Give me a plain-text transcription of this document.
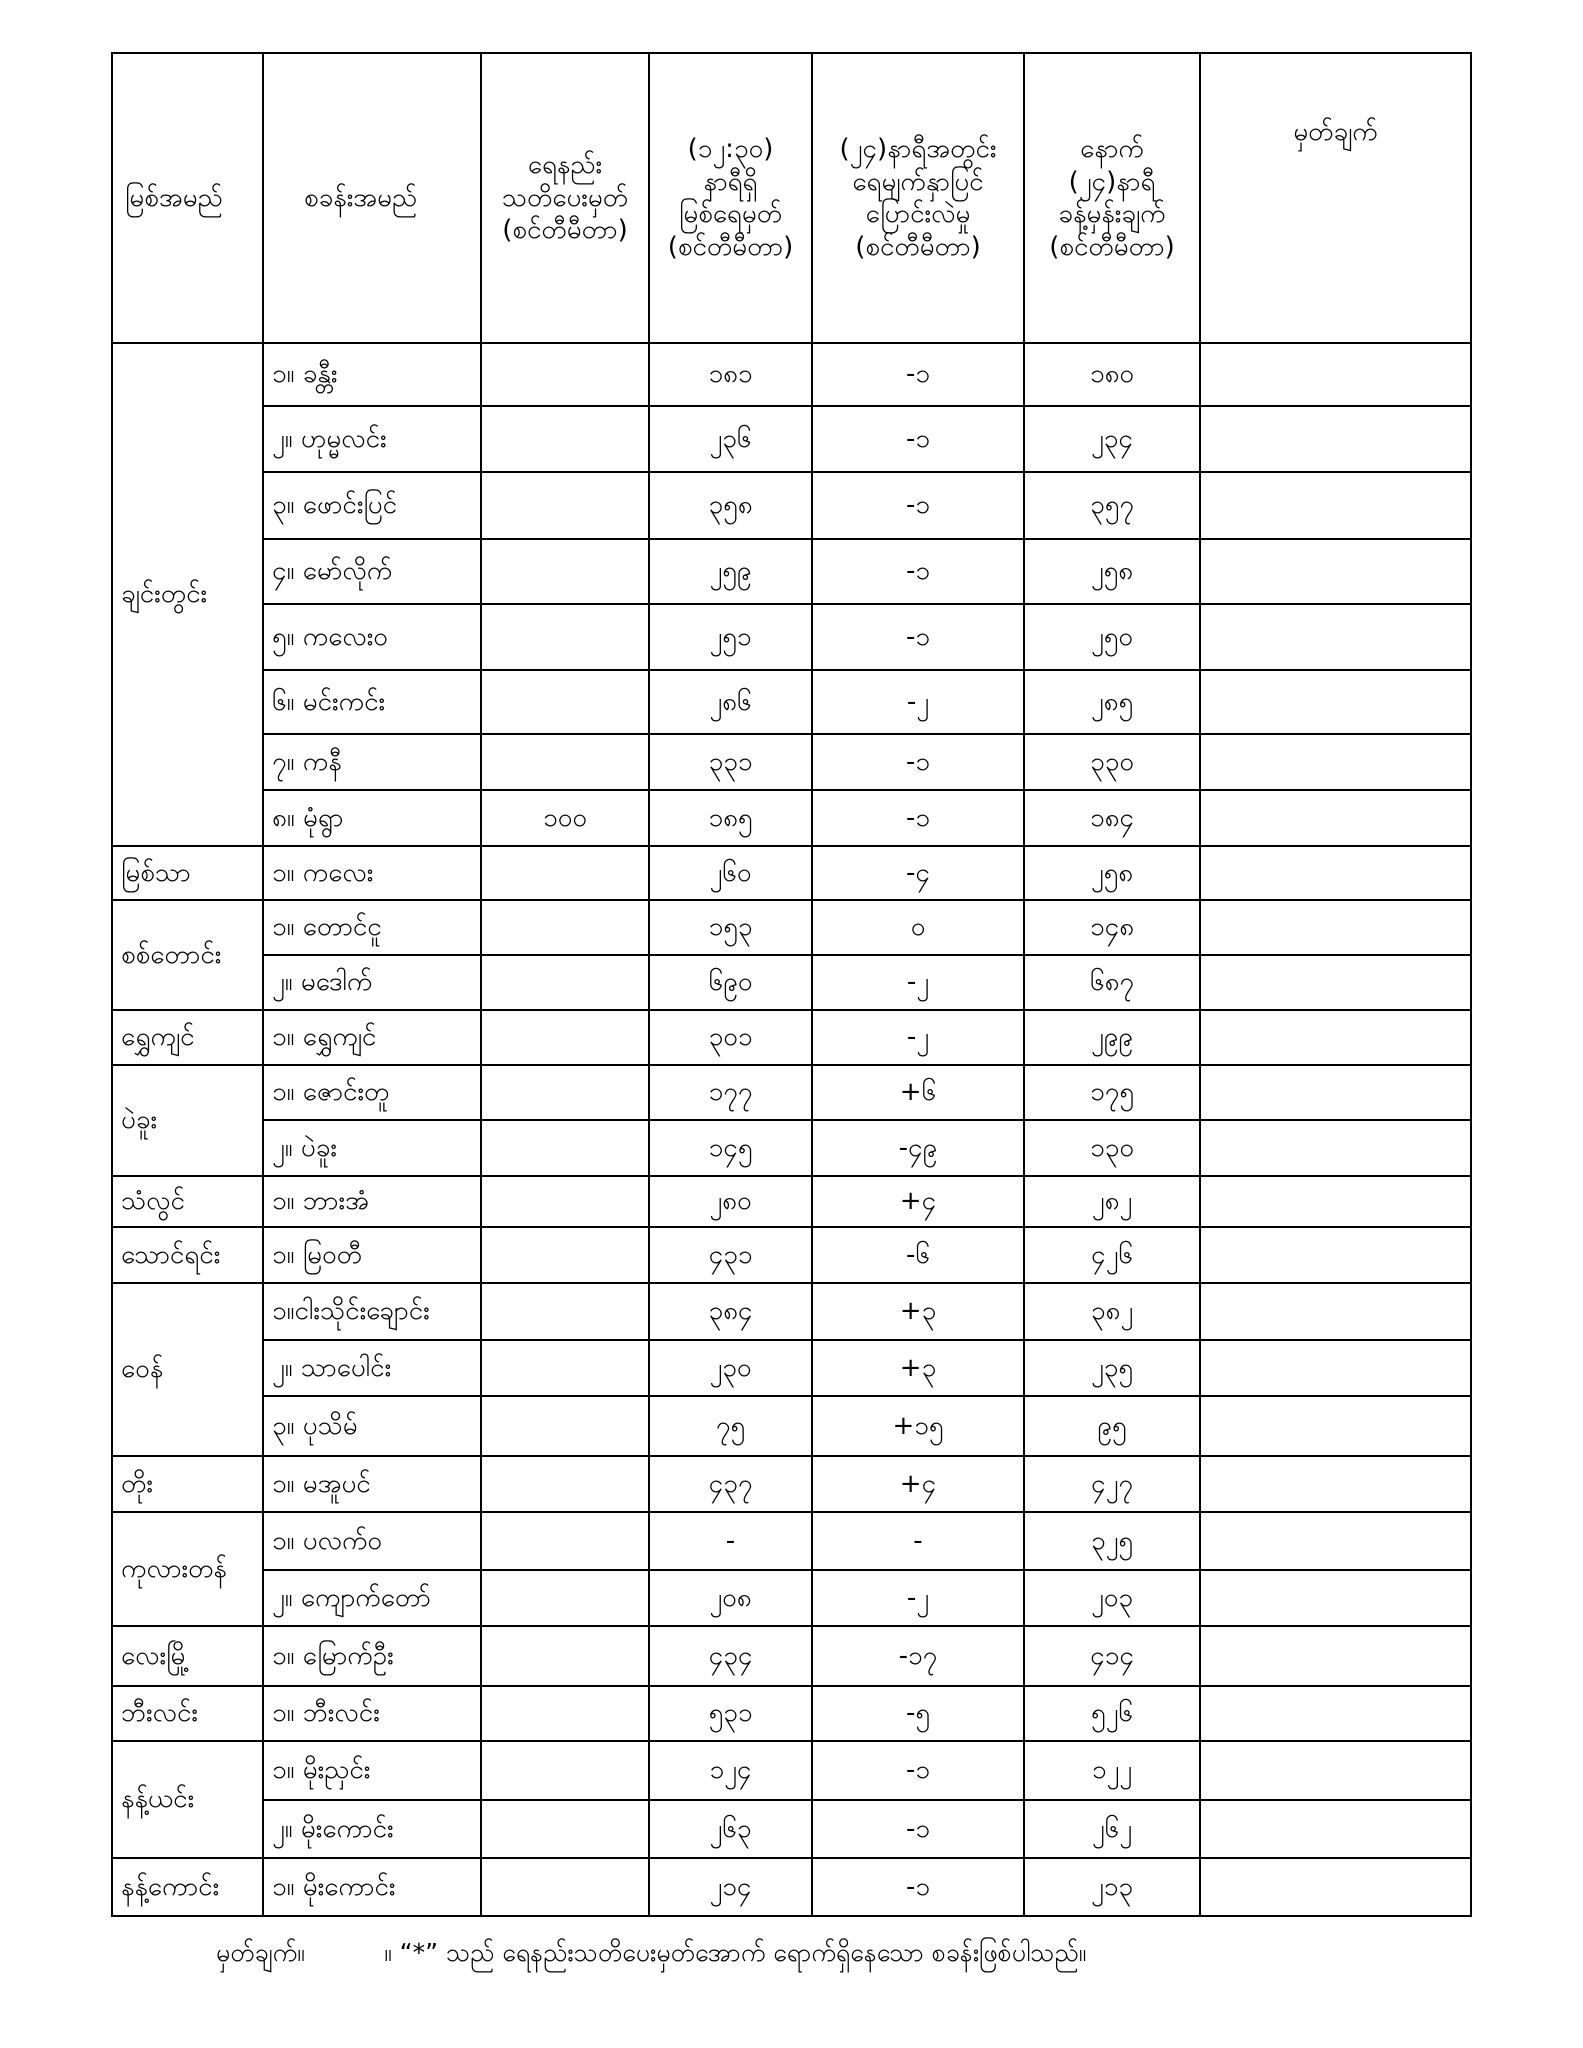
မြစ်အမည်	စခန်းအမည်	ရေနည်း
သတိပေးမှတ်
(စင်တီမီတာ)	(၁၂:၃၀)
နာရီရှိ
မြစ်ရေမှတ်
(စင်တီမီတာ)	(၂၄)နာရီအတွင်း
ရေမျက်နှာပြင်
ပြောင်းလဲမှု
(စင်တီမီတာ)	နောက်
(၂၄)နာရီ
ခန့်မှန်းချက်
(စင်တီမီတာ)	မှတ်ချက်

ချင်းတွင်း	၁။ ခန္တီး		၁၈၁	-၁	၁၈၀	
	၂။ ဟုမ္မလင်း		၂၃၆	-၁	၂၃၄	
	၃။ ဖောင်းပြင်		၃၅၈	-၁	၃၅၇	
	၄။ မော်လိုက်		၂၅၉	-၁	၂၅၈	
	၅။ ကလေးဝ		၂၅၁	-၁	၂၅၀	
	၆။ မင်းကင်း		၂၈၆	-၂	၂၈၅	
	၇။ ကနီ		၃၃၁	-၁	၃၃၀	
	၈။ မုံရွာ	၁၀၀	၁၈၅	-၁	၁၈၄	
မြစ်သာ	၁။ ကလေး		၂၆၀	-၄	၂၅၈	
စစ်တောင်း	၁။ တောင်ငူ		၁၅၃	၀	၁၄၈	
	၂။ မဒေါက်		၆၉၀	-၂	၆၈၇	
ရွှေကျင်	၁။ ရွှေကျင်		၃၀၁	-၂	၂၉၉	
ပဲခူး	၁။ ဇောင်းတူ		၁၇၇	+၆	၁၇၅	
	၂။ ပဲခူး		၁၄၅	-၄၉	၁၃၀	
သံလွင်	၁။ ဘားအံ		၂၈၀	+၄	၂၈၂	
သောင်ရင်း	၁။ မြဝတီ		၄၃၁	-၆	၄၂၆	
ဝေန်	၁။ငါးသိုင်းချောင်း		၃၈၄	+၃	၃၈၂	
	၂။ သာပေါင်း		၂၃၀	+၃	၂၃၅	
	၃။ ပုသိမ်		၇၅	+၁၅	၉၅	
တိုး	၁။ မအူပင်		၄၃၇	+၄	၄၂၇	
ကုလားတန်	၁။ ပလက်ဝ		-	-	၃၂၅	
	၂။ ကျောက်တော်		၂၀၈	-၂	၂၀၃	
လေးမြို့	၁။ မြောက်ဦး		၄၃၄	-၁၇	၄၁၄	
ဘီးလင်း	၁။ ဘီးလင်း		၅၃၁	-၅	၅၂၆	
နန့်ယင်း	၁။ မိုးညှင်း		၁၂၄	-၁	၁၂၂	
	၂။ မိုးကောင်း		၂၆၃	-၁	၂၆၂	
နန့်ကောင်း	၁။ မိုးကောင်း		၂၁၄	-၁	၂၁၃	
မှတ်ချက်။          ။ “*” သည် ရေနည်းသတိပေးမှတ်အောက် ရောက်ရှိနေသော စခန်းဖြစ်ပါသည်။
